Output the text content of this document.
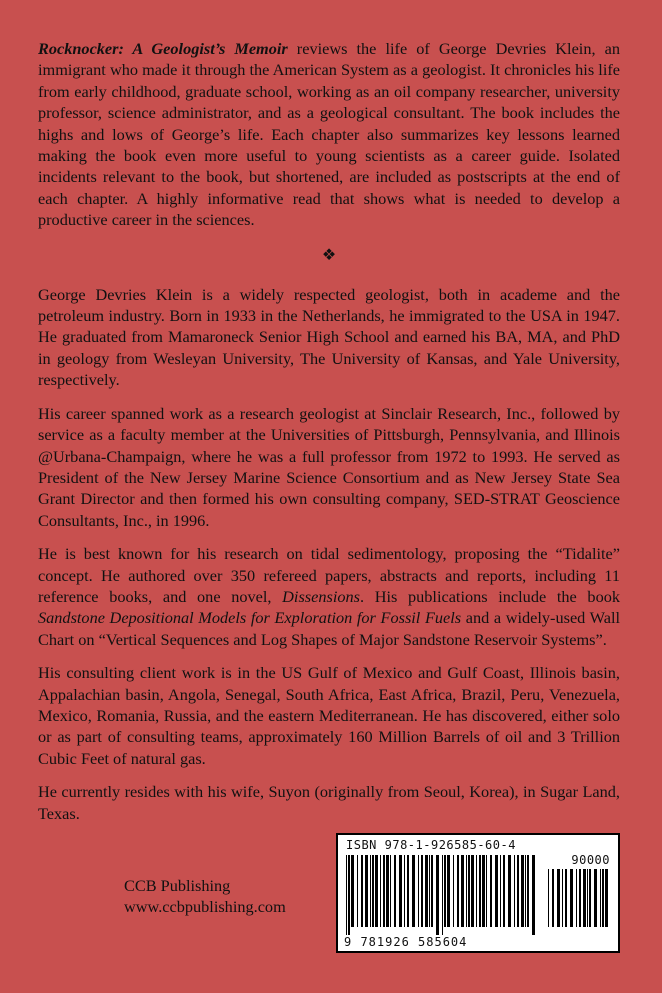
Rocknocker: A Geologist’s Memoir reviews the life of George Devries Klein, an immigrant who made it through the American System as a geologist. It chronicles his life from early childhood, graduate school, working as an oil company researcher, university professor, science administrator, and as a geological consultant. The book includes the highs and lows of George’s life. Each chapter also summarizes key lessons learned making the book even more useful to young scientists as a career guide. Isolated incidents relevant to the book, but shortened, are included as postscripts at the end of each chapter. A highly informative read that shows what is needed to develop a productive career in the sciences.

❖

George Devries Klein is a widely respected geologist, both in academe and the petroleum industry. Born in 1933 in the Netherlands, he immigrated to the USA in 1947. He graduated from Mamaroneck Senior High School and earned his BA, MA, and PhD in geology from Wesleyan University, The University of Kansas, and Yale University, respectively.

His career spanned work as a research geologist at Sinclair Research, Inc., followed by service as a faculty member at the Universities of Pittsburgh, Pennsylvania, and Illinois @Urbana-Champaign, where he was a full professor from 1972 to 1993. He served as President of the New Jersey Marine Science Consortium and as New Jersey State Sea Grant Director and then formed his own consulting company, SED-STRAT Geoscience Consultants, Inc., in 1996.

He is best known for his research on tidal sedimentology, proposing the “Tidalite” concept. He authored over 350 refereed papers, abstracts and reports, including 11 reference books, and one novel, Dissensions. His publications include the book Sandstone Depositional Models for Exploration for Fossil Fuels and a widely-used Wall Chart on “Vertical Sequences and Log Shapes of Major Sandstone Reservoir Systems”.

His consulting client work is in the US Gulf of Mexico and Gulf Coast, Illinois basin, Appalachian basin, Angola, Senegal, South Africa, East Africa, Brazil, Peru, Venezuela, Mexico, Romania, Russia, and the eastern Mediterranean. He has discovered, either solo or as part of consulting teams, approximately 160 Million Barrels of oil and 3 Trillion Cubic Feet of natural gas.

He currently resides with his wife, Suyon (originally from Seoul, Korea), in Sugar Land, Texas.

CCB Publishing
www.ccbpublishing.com
ISBN 978-1-926585-60-4
90000
9 781926 585604
